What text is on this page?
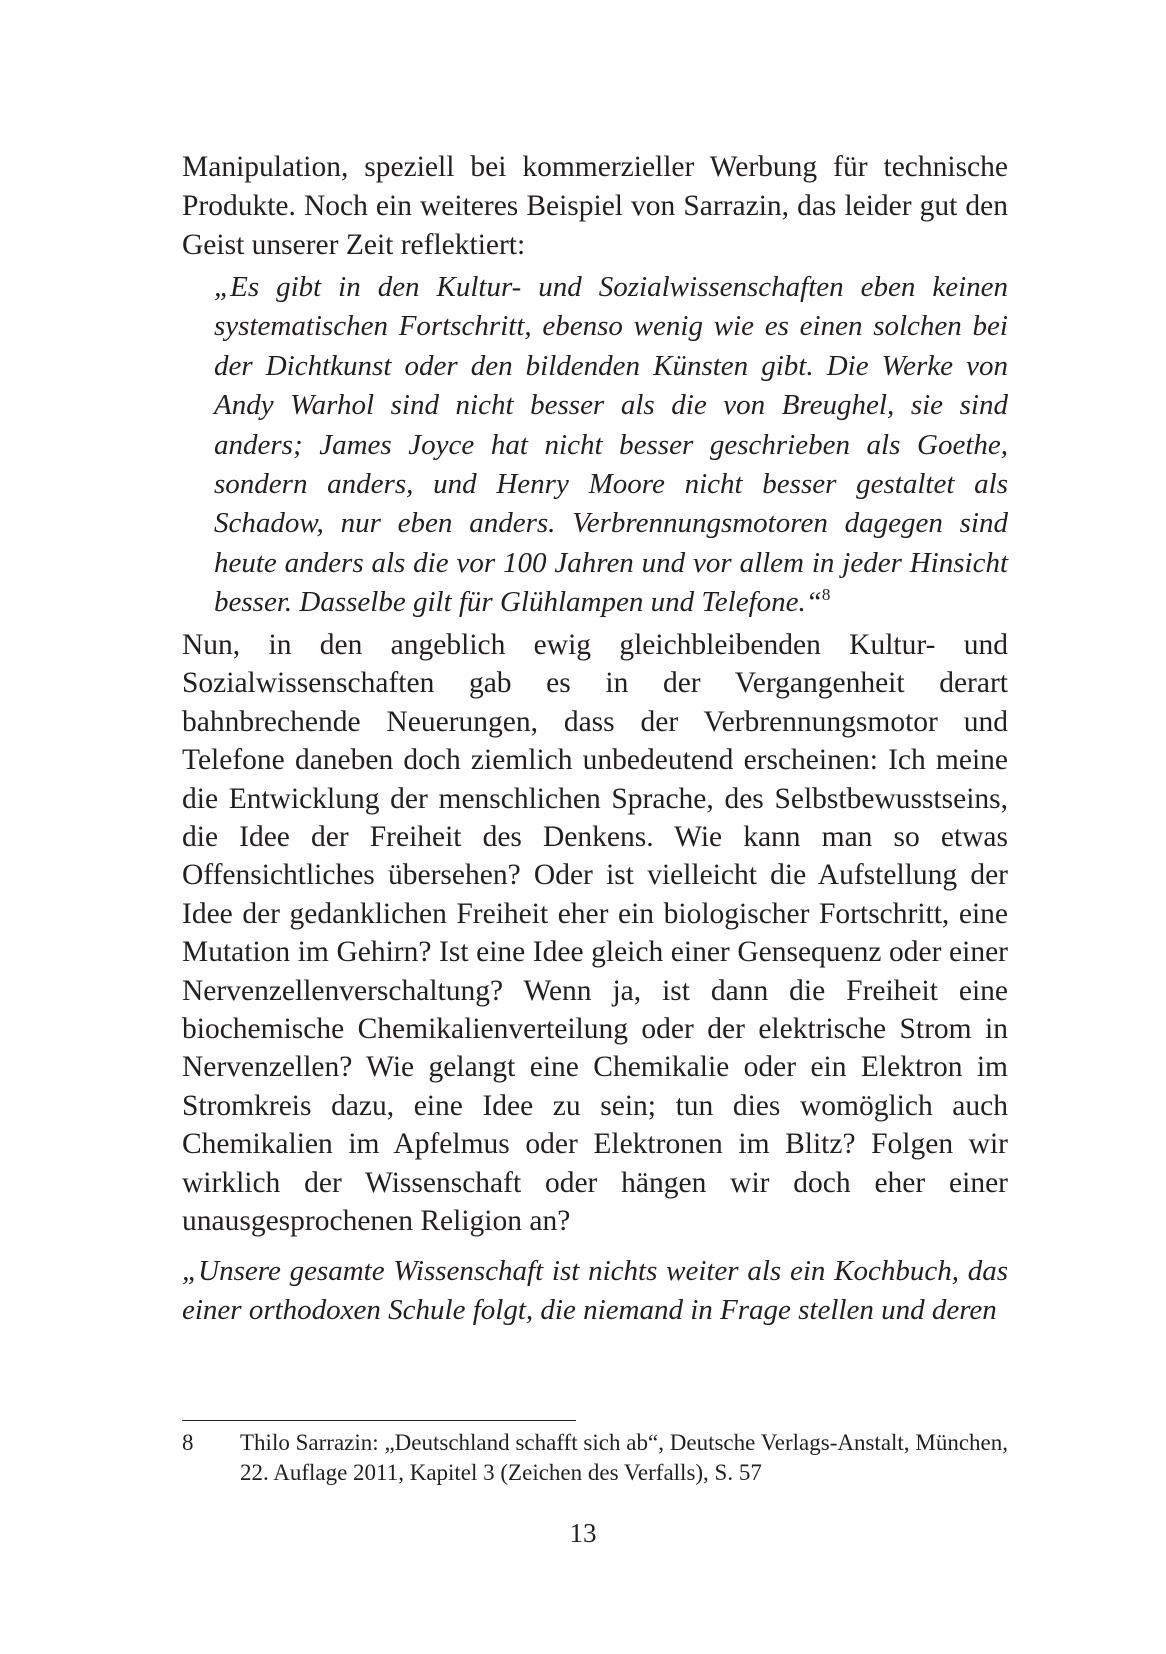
Manipulation, speziell bei kommerzieller Werbung für technische Produkte. Noch ein weiteres Beispiel von Sarrazin, das leider gut den Geist unserer Zeit reflektiert:

„Es gibt in den Kultur- und Sozialwissenschaften eben keinen systematischen Fortschritt, ebenso wenig wie es einen solchen bei der Dichtkunst oder den bildenden Künsten gibt. Die Werke von Andy Warhol sind nicht besser als die von Breughel, sie sind anders; James Joyce hat nicht besser geschrieben als Goethe, sondern anders, und Henry Moore nicht besser gestaltet als Schadow, nur eben anders. Verbrennungsmotoren dagegen sind heute anders als die vor 100 Jahren und vor allem in jeder Hinsicht besser. Dasselbe gilt für Glühlampen und Telefone.“$^8$

Nun, in den angeblich ewig gleichbleibenden Kultur- und Sozialwissenschaften gab es in der Vergangenheit derart bahnbrechende Neuerungen, dass der Verbrennungsmotor und Telefone daneben doch ziemlich unbedeutend erscheinen: Ich meine die Entwicklung der menschlichen Sprache, des Selbstbewusstseins, die Idee der Freiheit des Denkens. Wie kann man so etwas Offensichtliches übersehen? Oder ist vielleicht die Aufstellung der Idee der gedanklichen Freiheit eher ein biologischer Fortschritt, eine Mutation im Gehirn? Ist eine Idee gleich einer Gensequenz oder einer Nervenzellenverschaltung? Wenn ja, ist dann die Freiheit eine biochemische Chemikalienverteilung oder der elektrische Strom in Nervenzellen? Wie gelangt eine Chemikalie oder ein Elektron im Stromkreis dazu, eine Idee zu sein; tun dies womöglich auch Chemikalien im Apfelmus oder Elektronen im Blitz? Folgen wir wirklich der Wissenschaft oder hängen wir doch eher einer unausgesprochenen Religion an?

„Unsere gesamte Wissenschaft ist nichts weiter als ein Kochbuch, das einer orthodoxen Schule folgt, die niemand in Frage stellen und deren

8 Thilo Sarrazin: „Deutschland schafft sich ab“, Deutsche Verlags-Anstalt, München, 22. Auflage 2011, Kapitel 3 (Zeichen des Verfalls), S. 57
13
